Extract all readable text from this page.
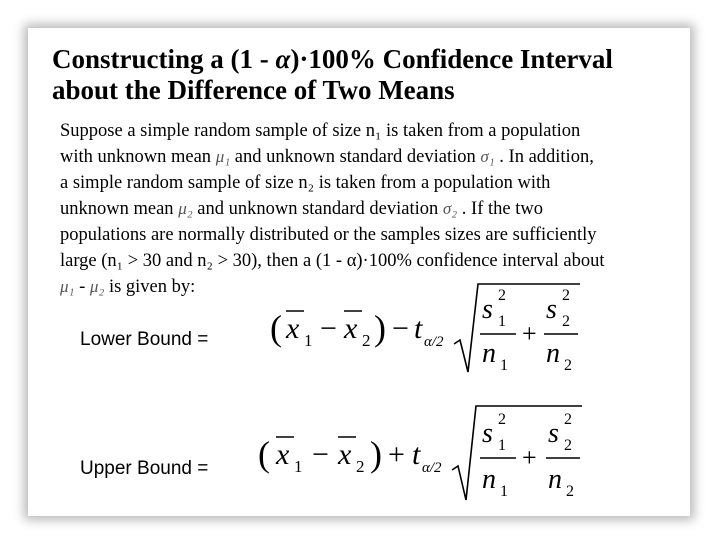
Constructing a (1 - α)·100% Confidence Interval
about the Difference of Two Means
Suppose a simple random sample of size n₁ is taken from a population
with unknown mean μ₁ and unknown standard deviation σ₁ . In addition,
a simple random sample of size n₂ is taken from a population with
unknown mean μ₂ and unknown standard deviation σ₂ . If the two
populations are normally distributed or the samples sizes are sufficiently
large (n₁ > 30 and n₂ > 30), then a (1 - α)·100% confidence interval about
μ₁ - μ₂ is given by:
Lower Bound =
Upper Bound =
( x 1 − x 2 ) − t α/2
s 2
1
n 1
+
s 2
2
n 2
( x 1 − x 2 ) + t α/2
s 2
1
n 1
+
s 2
2
n 2
